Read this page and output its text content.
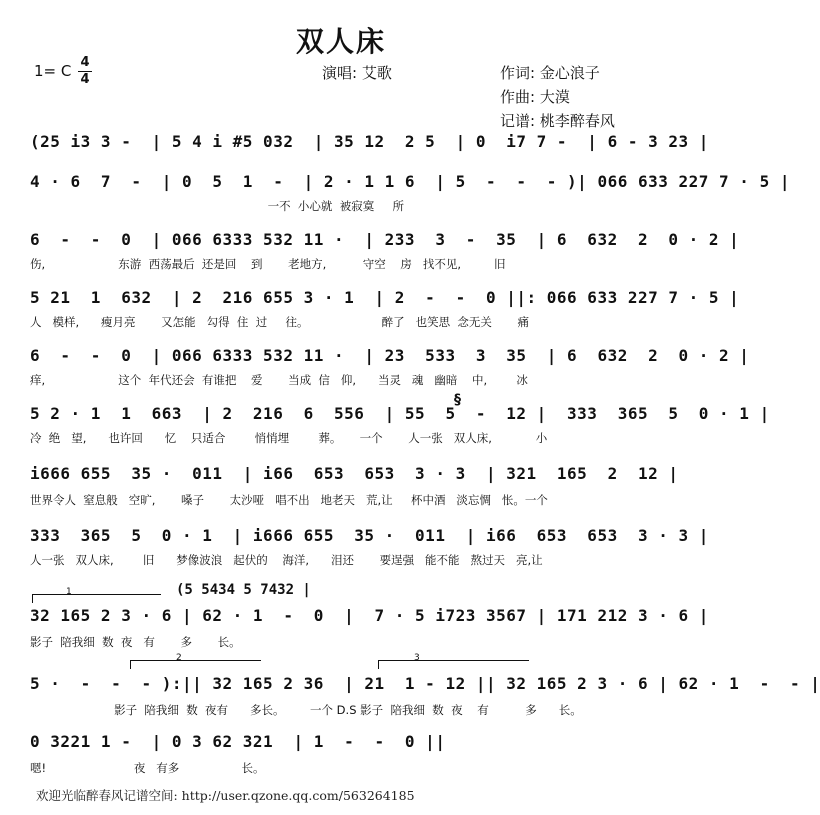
双人床
1= C 4
4	演唱: 艾歌	作词: 金心浪子
作曲: 大漠
记谱: 桃李醉春风
(25 i3 3 -  | 5 4 i #5 032  | 35 12  2 5  | 0  i7 7 -  | 6 - 3 23 |
4 · 6  7  -  | 0  5  1  -  | 2 · 1 1 6  | 5  -  -  - )| 066 633 227 7 · 5 |
一不  小心就  被寂寞     所
6  -  -  0  | 066 6333 532 11 ·  | 233  3  -  35  | 6  632  2  0 · 2 |
伤,                    东游  西荡最后  还是回    到       老地方,          守空    房   找不见,         旧
5 21  1  632  | 2  216 655 3 · 1  | 2  -  -  0 ||: 066 633 227 7 · 5 |
人   模样,      瘦月亮       又怎能   勾得  住  过     往。                    醉了   也笑思  念无关       痛
6  -  -  0  | 066 6333 532 11 ·  | 23  533  3  35  | 6  632  2  0 · 2 |
痒,                    这个  年代还会  有谁把    爱       当成  信   仰,      当灵   魂   幽暗    中,        冰
§
5 2 · 1  1  663  | 2  216  6  556  | 55  5  -  12 |  333  365  5  0 · 1 |
冷  绝   望,      也许回      忆    只适合        悄悄埋        葬。     一个       人一张   双人床,            小
i666 655  35 ·  011  | i66  653  653  3 · 3  | 321  165  2  12 |
世界令人  窒息般   空旷,       嗓子       太沙哑   唱不出   地老天   荒,让     杯中酒   淡忘惆   怅。一个
333  365  5  0 · 1  | i666 655  35 ·  011  | i66  653  653  3 · 3 |
人一张   双人床,        旧      梦像波浪   起伏的    海洋,      泪还       要逞强   能不能   熬过天   亮,让
1	(5 5434 5 7432 |
32 165 2 3 · 6 | 62 · 1  -  0  |  7 · 5 i723 3567 | 171 212 3 · 6 |
影子  陪我细  数  夜   有       多       长。
2	3
5 ·  -  -  - ):|| 32 165 2 36  | 21  1 - 12 || 32 165 2 3 · 6 | 62 · 1  -  - |
影子  陪我细  数  夜有      多长。       一个 D.S 影子  陪我细  数  夜    有          多      长。
0 3221 1 -  | 0 3 62 321  | 1  -  -  0 ||
嗯!                        夜   有多                 长。
欢迎光临醉春风记谱空间: http://user.qzone.qq.com/563264185
